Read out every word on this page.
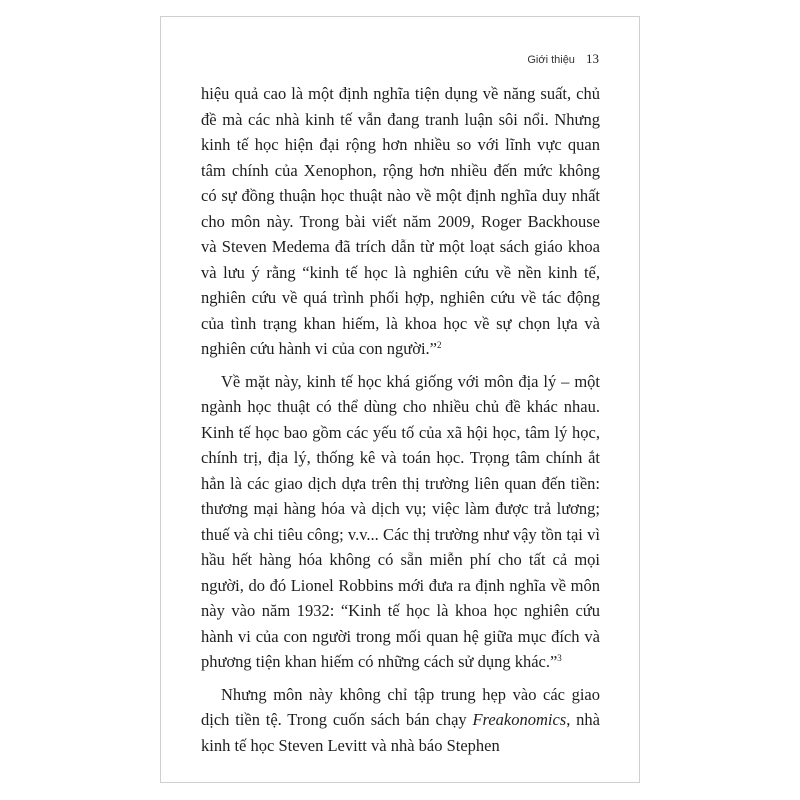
Giới thiệu 13

hiệu quả cao là một định nghĩa tiện dụng về năng suất, chủ đề mà các nhà kinh tế vẫn đang tranh luận sôi nổi. Nhưng kinh tế học hiện đại rộng hơn nhiều so với lĩnh vực quan tâm chính của Xenophon, rộng hơn nhiều đến mức không có sự đồng thuận học thuật nào về một định nghĩa duy nhất cho môn này. Trong bài viết năm 2009, Roger Backhouse và Steven Medema đã trích dẫn từ một loạt sách giáo khoa và lưu ý rằng “kinh tế học là nghiên cứu về nền kinh tế, nghiên cứu về quá trình phối hợp, nghiên cứu về tác động của tình trạng khan hiếm, là khoa học về sự chọn lựa và nghiên cứu hành vi của con người.”$^2$

Về mặt này, kinh tế học khá giống với môn địa lý – một ngành học thuật có thể dùng cho nhiều chủ đề khác nhau. Kinh tế học bao gồm các yếu tố của xã hội học, tâm lý học, chính trị, địa lý, thống kê và toán học. Trọng tâm chính ắt hẳn là các giao dịch dựa trên thị trường liên quan đến tiền: thương mại hàng hóa và dịch vụ; việc làm được trả lương; thuế và chi tiêu công; v.v... Các thị trường như vậy tồn tại vì hầu hết hàng hóa không có sẵn miễn phí cho tất cả mọi người, do đó Lionel Robbins mới đưa ra định nghĩa về môn này vào năm 1932: “Kinh tế học là khoa học nghiên cứu hành vi của con người trong mối quan hệ giữa mục đích và phương tiện khan hiếm có những cách sử dụng khác.”$^3$

Nhưng môn này không chỉ tập trung hẹp vào các giao dịch tiền tệ. Trong cuốn sách bán chạy Freakonomics, nhà kinh tế học Steven Levitt và nhà báo Stephen
